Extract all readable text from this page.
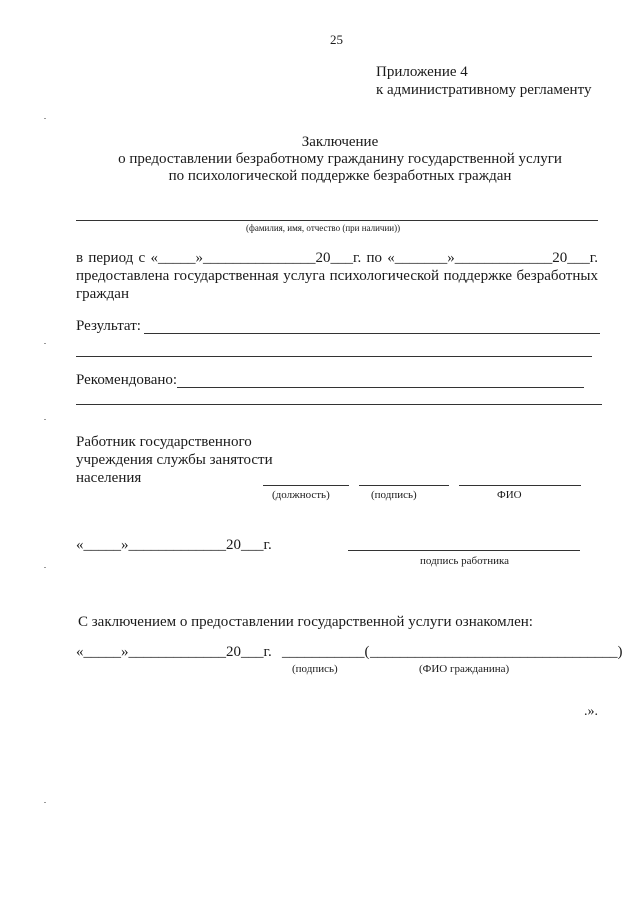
25
Приложение 4
к административному регламенту
Заключение
о предоставлении безработному гражданину государственной услуги
по психологической поддержке безработных граждан
(фамилия, имя, отчество (при наличии))
в период с «_____»_______________20___г. по «_______»_____________20___г.
предоставлена государственная услуга психологической поддержке безработных
граждан
Результат:
Рекомендовано:
Работник государственного
учреждения службы занятости
населения
(должность)	(подпись)	ФИО
«_____»_____________20___г.
подпись работника
С заключением о предоставлении государственной услуги ознакомлен:
«_____»_____________20___г. ___________( _________________________________)
(подпись)	(ФИО гражданина)
.».
